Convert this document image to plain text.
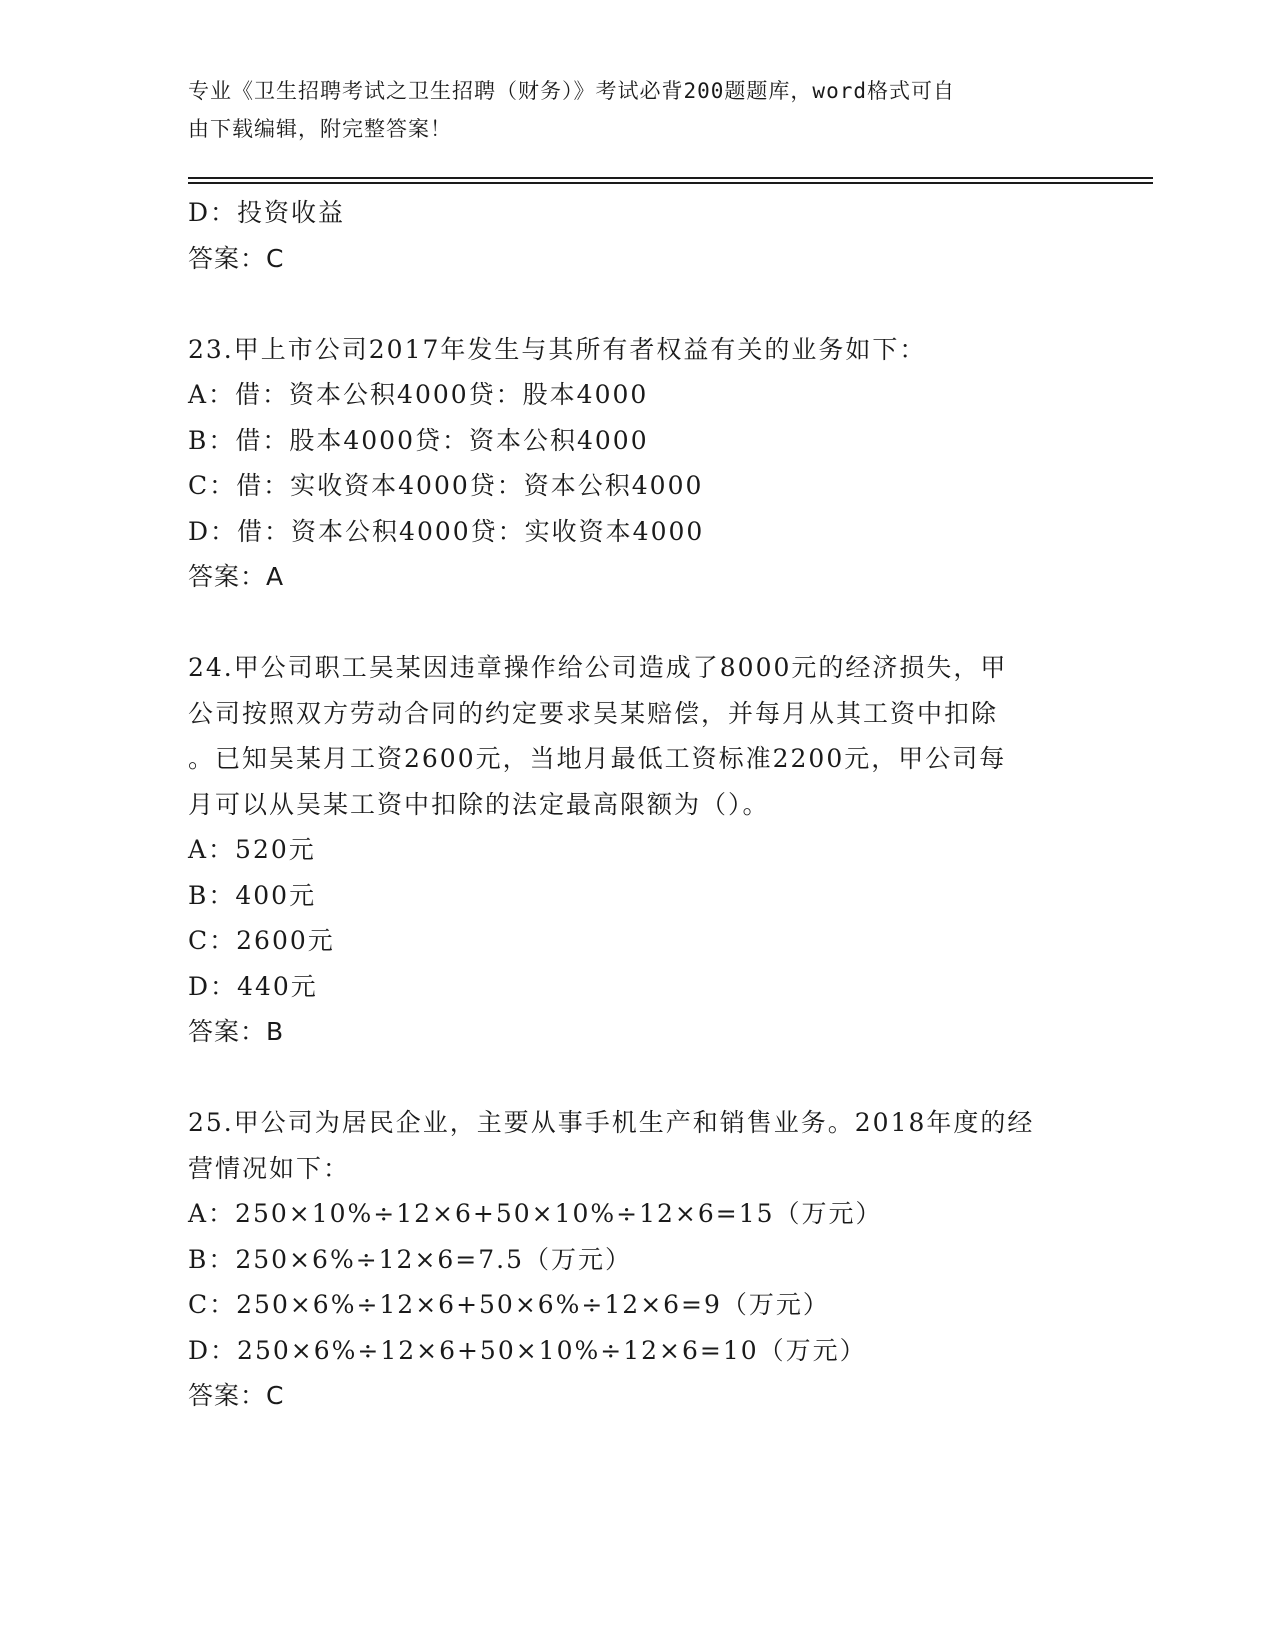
专业《卫生招聘考试之卫生招聘（财务）》考试必背200题题库，word格式可自
由下载编辑，附完整答案！
D：投资收益
答案：C
23.甲上市公司2017年发生与其所有者权益有关的业务如下：
A：借：资本公积4000贷：股本4000
B：借：股本4000贷：资本公积4000
C：借：实收资本4000贷：资本公积4000
D：借：资本公积4000贷：实收资本4000
答案：A
24.甲公司职工吴某因违章操作给公司造成了8000元的经济损失，甲
公司按照双方劳动合同的约定要求吴某赔偿，并每月从其工资中扣除
。已知吴某月工资2600元，当地月最低工资标准2200元，甲公司每
月可以从吴某工资中扣除的法定最高限额为（）。
A：520元
B：400元
C：2600元
D：440元
答案：B
25.甲公司为居民企业，主要从事手机生产和销售业务。2018年度的经
营情况如下：
A：250×10%÷12×6+50×10%÷12×6=15（万元）
B：250×6%÷12×6=7.5（万元）
C：250×6%÷12×6+50×6%÷12×6=9（万元）
D：250×6%÷12×6+50×10%÷12×6=10（万元）
答案：C
